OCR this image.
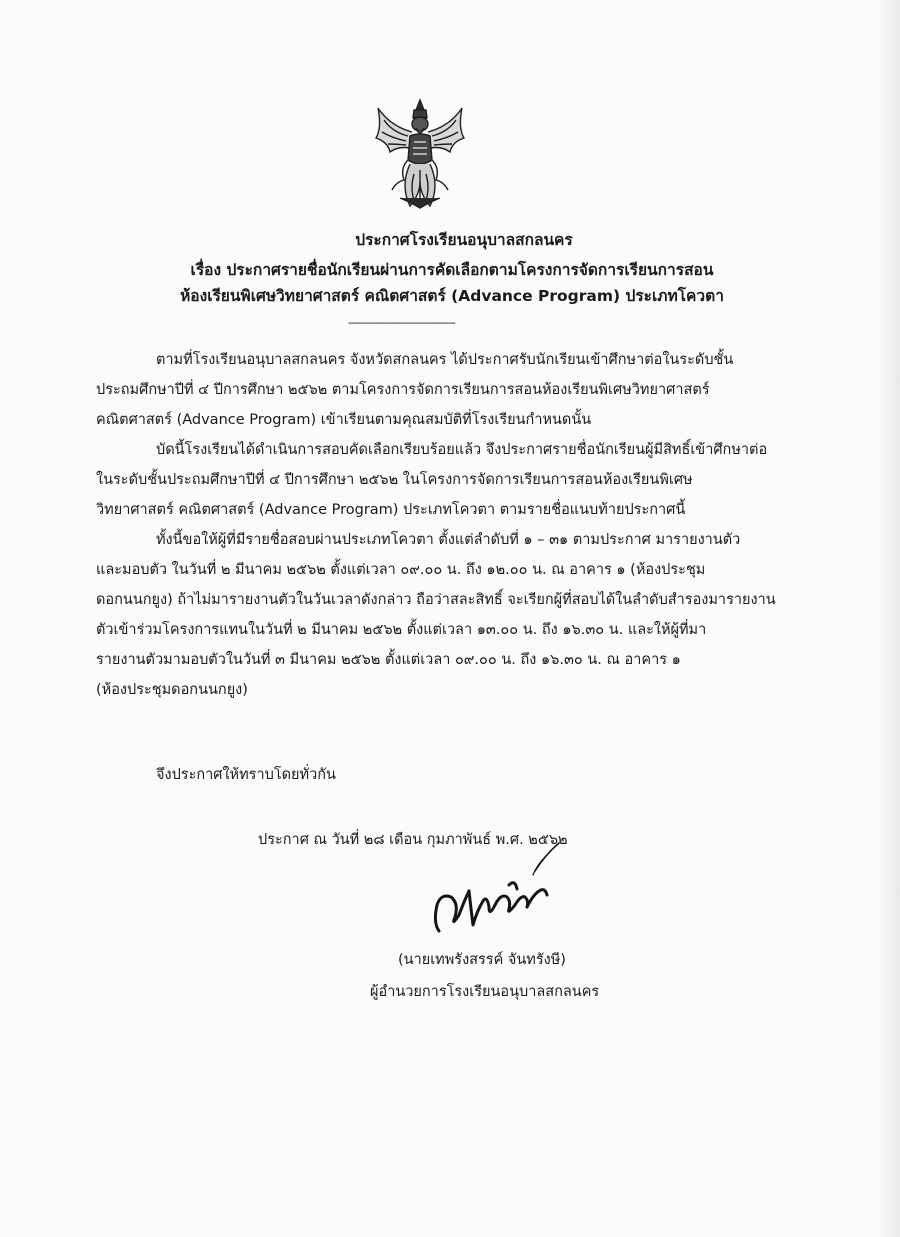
ประกาศโรงเรียนอนุบาลสกลนคร
เรื่อง ประกาศรายชื่อนักเรียนผ่านการคัดเลือกตามโครงการจัดการเรียนการสอน
ห้องเรียนพิเศษวิทยาศาสตร์ คณิตศาสตร์ (Advance Program) ประเภทโควตา
------------------------------------
ตามที่โรงเรียนอนุบาลสกลนคร จังหวัดสกลนคร ได้ประกาศรับนักเรียนเข้าศึกษาต่อในระดับชั้น
ประถมศึกษาปีที่ ๔ ปีการศึกษา ๒๕๖๒ ตามโครงการจัดการเรียนการสอนห้องเรียนพิเศษวิทยาศาสตร์
คณิตศาสตร์ (Advance Program) เข้าเรียนตามคุณสมบัติที่โรงเรียนกำหนดนั้น
บัดนี้โรงเรียนได้ดำเนินการสอบคัดเลือกเรียบร้อยแล้ว จึงประกาศรายชื่อนักเรียนผู้มีสิทธิ์เข้าศึกษาต่อ
ในระดับชั้นประถมศึกษาปีที่ ๔ ปีการศึกษา ๒๕๖๒ ในโครงการจัดการเรียนการสอนห้องเรียนพิเศษ
วิทยาศาสตร์ คณิตศาสตร์ (Advance Program) ประเภทโควตา ตามรายชื่อแนบท้ายประกาศนี้
ทั้งนี้ขอให้ผู้ที่มีรายชื่อสอบผ่านประเภทโควตา ตั้งแต่ลำดับที่ ๑ – ๓๑ ตามประกาศ มารายงานตัว
และมอบตัว ในวันที่ ๒ มีนาคม ๒๕๖๒ ตั้งแต่เวลา ๐๙.๐๐ น. ถึง ๑๒.๐๐ น. ณ อาคาร ๑ (ห้องประชุม
ดอกนนกยูง) ถ้าไม่มารายงานตัวในวันเวลาดังกล่าว ถือว่าสละสิทธิ์ จะเรียกผู้ที่สอบได้ในลำดับสำรองมารายงาน
ตัวเข้าร่วมโครงการแทนในวันที่ ๒ มีนาคม ๒๕๖๒ ตั้งแต่เวลา ๑๓.๐๐ น. ถึง ๑๖.๓๐ น. และให้ผู้ที่มา
รายงานตัวมามอบตัวในวันที่ ๓ มีนาคม ๒๕๖๒ ตั้งแต่เวลา ๐๙.๐๐ น. ถึง ๑๖.๓๐ น. ณ อาคาร ๑
(ห้องประชุมดอกนนกยูง)
จึงประกาศให้ทราบโดยทั่วกัน
ประกาศ ณ วันที่ ๒๘ เดือน กุมภาพันธ์ พ.ศ. ๒๕๖๒
(นายเทพรังสรรค์ จันทรังษี)
ผู้อำนวยการโรงเรียนอนุบาลสกลนคร
